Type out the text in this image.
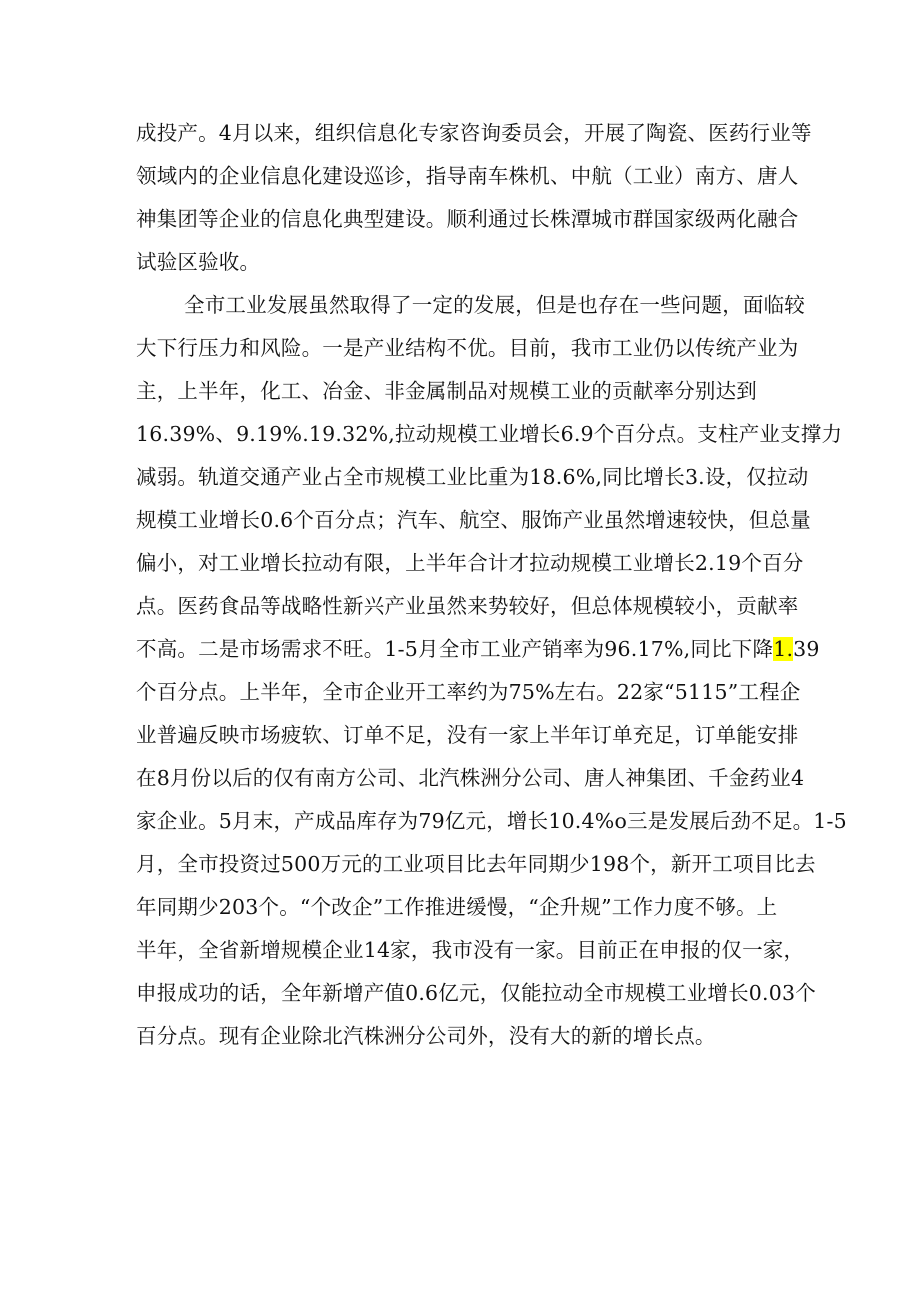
成投产。4月以来，组织信息化专家咨询委员会，开展了陶瓷、医药行业等
领域内的企业信息化建设巡诊，指导南车株机、中航（工业）南方、唐人
神集团等企业的信息化典型建设。顺利通过长株潭城市群国家级两化融合
试验区验收。
全市工业发展虽然取得了一定的发展，但是也存在一些问题，面临较
大下行压力和风险。一是产业结构不优。目前，我市工业仍以传统产业为
主，上半年，化工、冶金、非金属制品对规模工业的贡献率分别达到
16.39%、9.19%.19.32%,拉动规模工业增长6.9个百分点。支柱产业支撑力
减弱。轨道交通产业占全市规模工业比重为18.6%,同比增长3.设，仅拉动
规模工业增长0.6个百分点；汽车、航空、服饰产业虽然增速较快，但总量
偏小，对工业增长拉动有限，上半年合计才拉动规模工业增长2.19个百分
点。医药食品等战略性新兴产业虽然来势较好，但总体规模较小，贡献率
不高。二是市场需求不旺。1-5月全市工业产销率为96.17%,同比下降1.39
个百分点。上半年，全市企业开工率约为75%左右。22家“5115”工程企
业普遍反映市场疲软、订单不足，没有一家上半年订单充足，订单能安排
在8月份以后的仅有南方公司、北汽株洲分公司、唐人神集团、千金药业4
家企业。5月末，产成品库存为79亿元，增长10.4%o三是发展后劲不足。1-5
月，全市投资过500万元的工业项目比去年同期少198个，新开工项目比去
年同期少203个。“个改企”工作推进缓慢，“企升规”工作力度不够。上
半年，全省新增规模企业14家，我市没有一家。目前正在申报的仅一家，
申报成功的话，全年新增产值0.6亿元，仅能拉动全市规模工业增长0.03个
百分点。现有企业除北汽株洲分公司外，没有大的新的增长点。
